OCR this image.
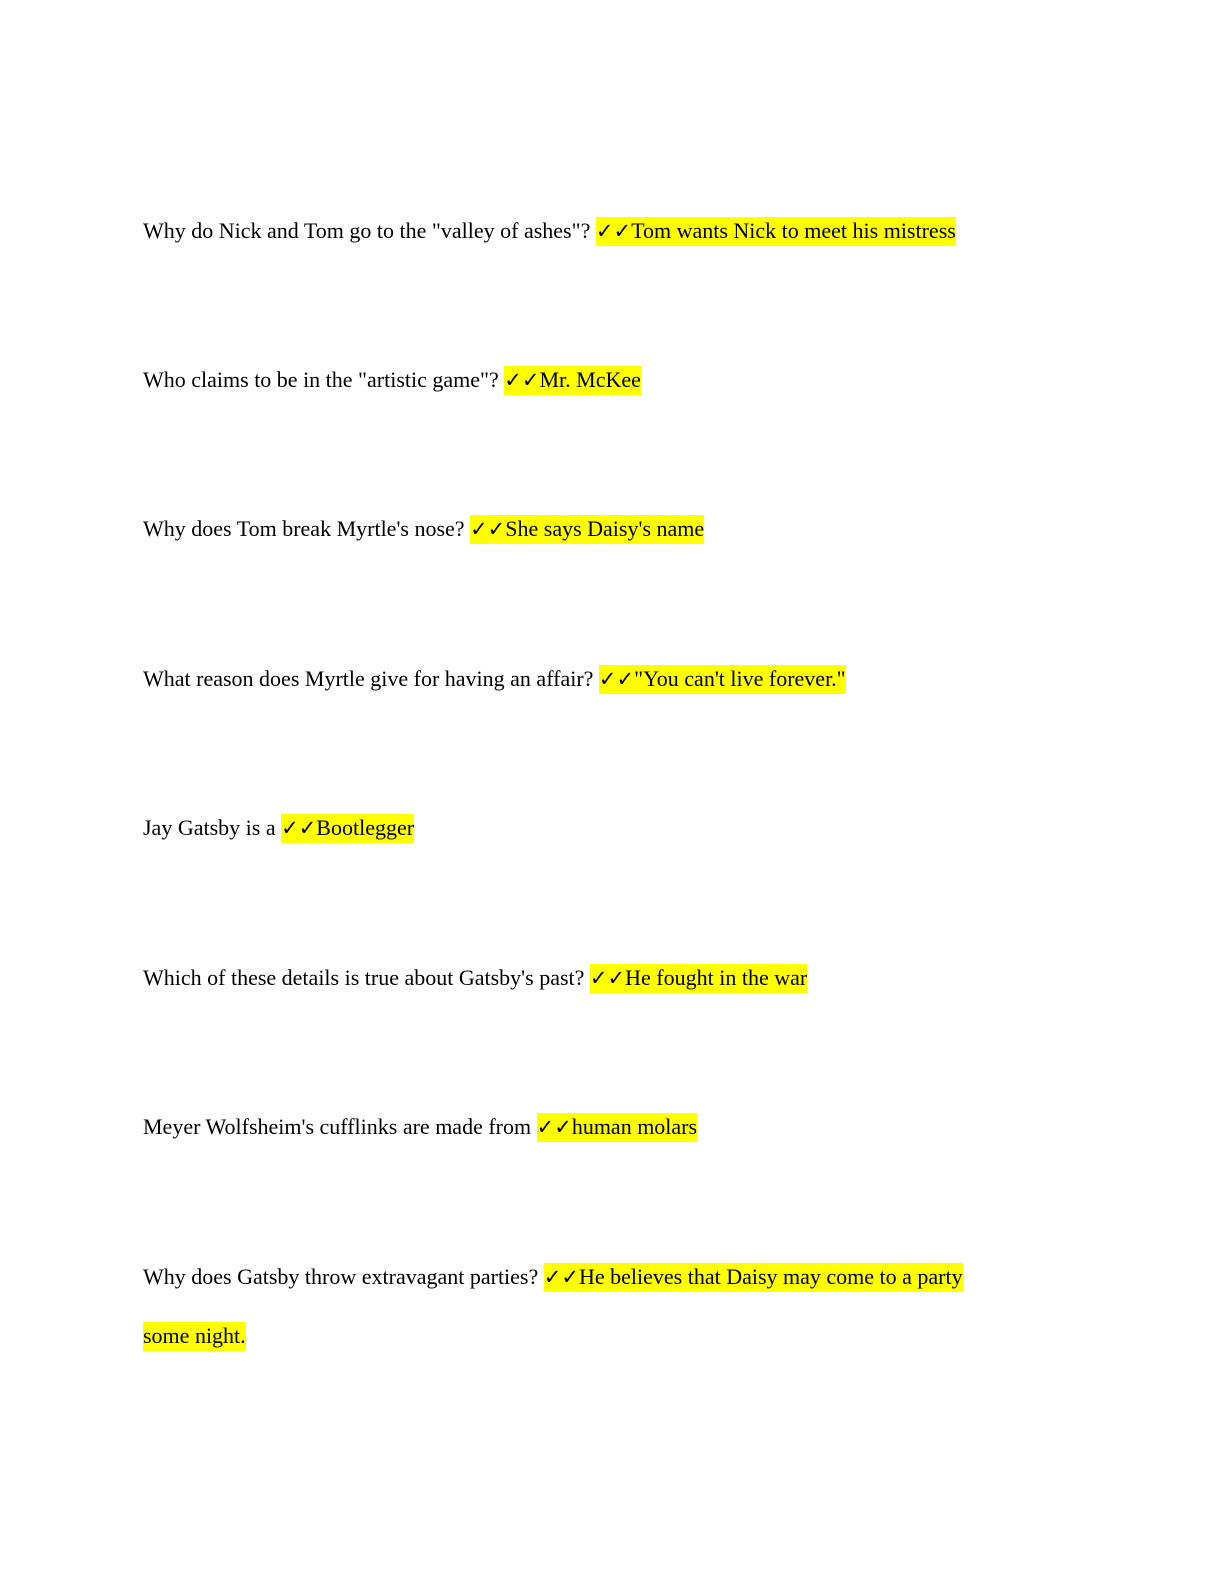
Why do Nick and Tom go to the "valley of ashes"? ✓✓Tom wants Nick to meet his mistress
Who claims to be in the "artistic game"? ✓✓Mr. McKee
Why does Tom break Myrtle's nose? ✓✓She says Daisy's name
What reason does Myrtle give for having an affair? ✓✓"You can't live forever."
Jay Gatsby is a ✓✓Bootlegger
Which of these details is true about Gatsby's past? ✓✓He fought in the war
Meyer Wolfsheim's cufflinks are made from ✓✓human molars
Why does Gatsby throw extravagant parties? ✓✓He believes that Daisy may come to a party
some night.
